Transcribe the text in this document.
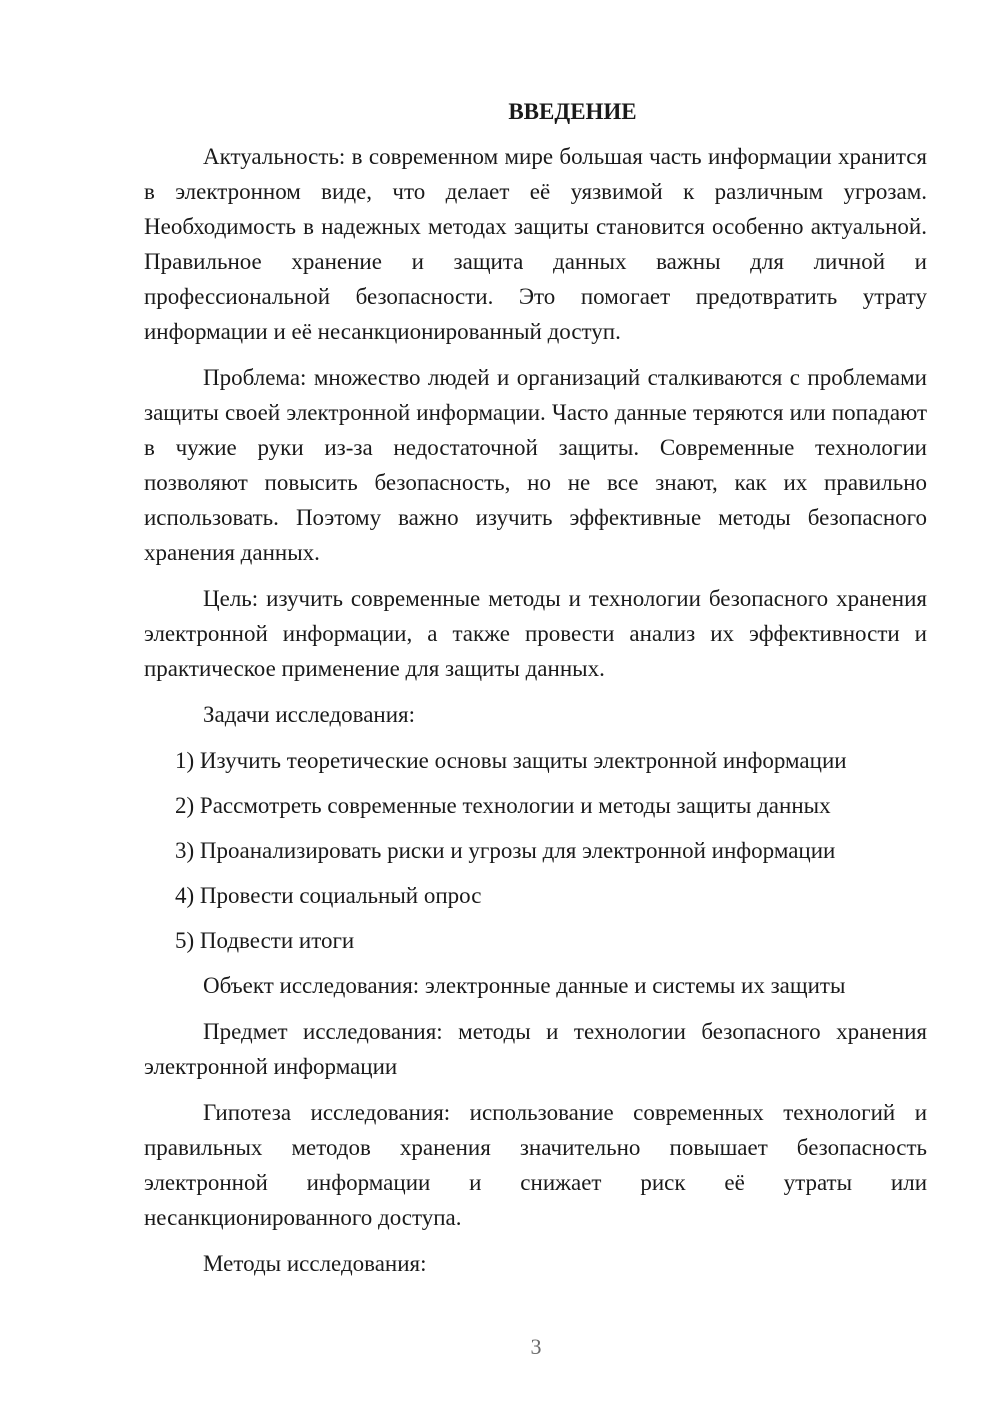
ВВЕДЕНИЕ
Актуальность: в современном мире большая часть информации хранится в электронном виде, что делает её уязвимой к различным угрозам. Необходимость в надежных методах защиты становится особенно актуальной. Правильное хранение и защита данных важны для личной и профессиональной безопасности. Это помогает предотвратить утрату информации и её несанкционированный доступ.
Проблема: множество людей и организаций сталкиваются с проблемами защиты своей электронной информации. Часто данные теряются или попадают в чужие руки из-за недостаточной защиты. Современные технологии позволяют повысить безопасность, но не все знают, как их правильно использовать. Поэтому важно изучить эффективные методы безопасного хранения данных.
Цель: изучить современные методы и технологии безопасного хранения электронной информации, а также провести анализ их эффективности и практическое применение для защиты данных.
Задачи исследования:
1) Изучить теоретические основы защиты электронной информации
2) Рассмотреть современные технологии и методы защиты данных
3) Проанализировать риски и угрозы для электронной информации
4) Провести социальный опрос
5) Подвести итоги
Объект исследования: электронные данные и системы их защиты
Предмет исследования: методы и технологии безопасного хранения электронной информации
Гипотеза исследования: использование современных технологий и правильных методов хранения значительно повышает безопасность электронной информации и снижает риск её утраты или несанкционированного доступа.
Методы исследования:
3
